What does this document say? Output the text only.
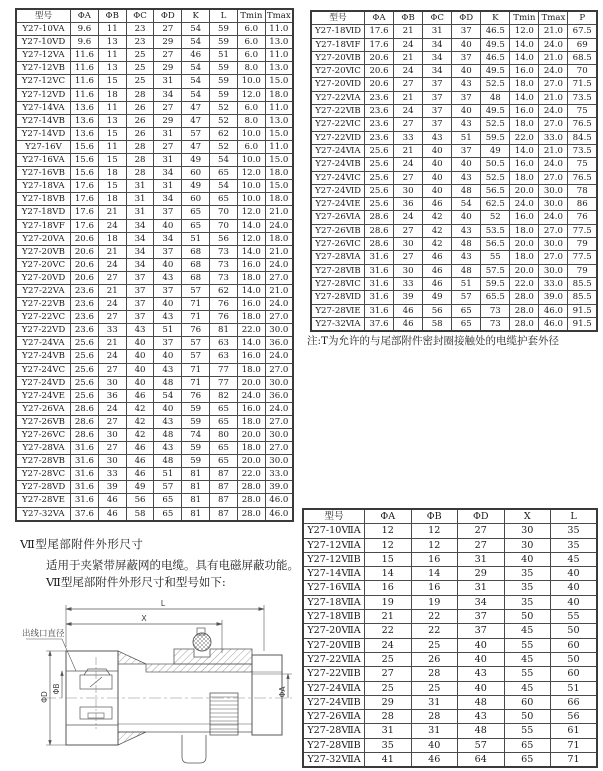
型号	ΦA	ΦB	ΦC	ΦD	K	L	Tmin	Tmax
Y27-10VA	9.6	11	23	27	54	59	6.0	11.0
Y27-10VD	9.6	13	23	29	54	59	6.0	13.0
Y27-12VA	11.6	11	25	27	46	51	6.0	11.0
Y27-12VB	11.6	13	25	29	54	59	8.0	13.0
Y27-12VC	11.6	15	25	31	54	59	10.0	15.0
Y27-12VD	11.6	18	28	34	54	59	12.0	18.0
Y27-14VA	13.6	11	26	27	47	52	6.0	11.0
Y27-14VB	13.6	13	26	29	47	52	8.0	13.0
Y27-14VD	13.6	15	26	31	57	62	10.0	15.0
Y27-16V	15.6	11	28	27	47	52	6.0	11.0
Y27-16VA	15.6	15	28	31	49	54	10.0	15.0
Y27-16VB	15.6	18	28	34	60	65	12.0	18.0
Y27-18VA	17.6	15	31	31	49	54	10.0	15.0
Y27-18VB	17.6	18	31	34	60	65	10.0	18.0
Y27-18VD	17.6	21	31	37	65	70	12.0	21.0
Y27-18VF	17.6	24	34	40	65	70	14.0	24.0
Y27-20VA	20.6	18	34	34	51	56	12.0	18.0
Y27-20VB	20.6	21	34	37	68	73	14.0	21.0
Y27-20VC	20.6	24	34	40	68	73	16.0	24.0
Y27-20VD	20.6	27	37	43	68	73	18.0	27.0
Y27-22VA	23.6	21	37	37	57	62	14.0	21.0
Y27-22VB	23.6	24	37	40	71	76	16.0	24.0
Y27-22VC	23.6	27	37	43	71	76	18.0	27.0
Y27-22VD	23.6	33	43	51	76	81	22.0	30.0
Y27-24VA	25.6	21	40	37	57	63	14.0	36.0
Y27-24VB	25.6	24	40	40	57	63	16.0	24.0
Y27-24VC	25.6	27	40	43	71	77	18.0	27.0
Y27-24VD	25.6	30	40	48	71	77	20.0	30.0
Y27-24VE	25.6	36	46	54	76	82	24.0	36.0
Y27-26VA	28.6	24	42	40	59	65	16.0	24.0
Y27-26VB	28.6	27	42	43	59	65	18.0	27.0
Y27-26VC	28.6	30	42	48	74	80	20.0	30.0
Y27-28VA	31.6	27	46	43	59	65	18.0	27.0
Y27-28VB	31.6	30	46	48	59	65	20.0	30.0
Y27-28VC	31.6	33	46	51	81	87	22.0	33.0
Y27-28VD	31.6	39	49	57	81	87	28.0	39.0
Y27-28VE	31.6	46	56	65	81	87	28.0	46.0
Y27-32VA	37.6	46	58	65	81	87	28.0	46.0
型号	ΦA	ΦB	ΦC	ΦD	K	Tmin	Tmax	P
Y27-18ⅥD	17.6	21	31	37	46.5	12.0	21.0	67.5
Y27-18ⅥF	17.6	24	34	40	49.5	14.0	24.0	69
Y27-20ⅥB	20.6	21	34	37	46.5	14.0	21.0	68.5
Y27-20ⅥC	20.6	24	34	40	49.5	16.0	24.0	70
Y27-20ⅥD	20.6	27	37	43	52.5	18.0	27.0	71.5
Y27-22ⅥA	23.6	21	37	37	48	14.0	21.0	73.5
Y27-22ⅥB	23.6	24	37	40	49.5	16.0	24.0	75
Y27-22ⅥC	23.6	27	37	43	52.5	18.0	27.0	76.5
Y27-22ⅥD	23.6	33	43	51	59.5	22.0	33.0	84.5
Y27-24ⅥA	25.6	21	40	37	49	14.0	21.0	73.5
Y27-24ⅥB	25.6	24	40	40	50.5	16.0	24.0	75
Y27-24ⅥC	25.6	27	40	43	52.5	18.0	27.0	76.5
Y27-24ⅥD	25.6	30	40	48	56.5	20.0	30.0	78
Y27-24ⅥE	25.6	36	46	54	62.5	24.0	30.0	86
Y27-26ⅥA	28.6	24	42	40	52	16.0	24.0	76
Y27-26ⅥB	28.6	27	42	43	53.5	18.0	27.0	77.5
Y27-26ⅥC	28.6	30	42	48	56.5	20.0	30.0	79
Y27-28ⅥA	31.6	27	46	43	55	18.0	27.0	77.5
Y27-28ⅥB	31.6	30	46	48	57.5	20.0	30.0	79
Y27-28ⅥC	31.6	33	46	51	59.5	22.0	33.0	85.5
Y27-28ⅥD	31.6	39	49	57	65.5	28.0	39.0	85.5
Y27-28ⅥE	31.6	46	56	65	73	28.0	46.0	91.5
Y27-32ⅥA	37.6	46	58	65	73	28.0	46.0	91.5
注:T为允许的与尾部附件密封圈接触处的电缆护套外径
Ⅶ型尾部附件外形尺寸
适用于夹紧带屏蔽网的电缆。具有电磁屏蔽功能。
Ⅶ型尾部附件外形尺寸和型号如下:
型号	ΦA	ΦB	ΦD	X	L
Y27-10ⅦA	12	12	27	30	35
Y27-12ⅦA	12	12	27	30	35
Y27-12ⅦB	15	16	31	40	45
Y27-14ⅦA	14	14	29	35	40
Y27-16ⅦA	16	16	31	35	40
Y27-18ⅦA	19	19	34	35	40
Y27-18ⅦB	21	22	37	50	55
Y27-20ⅦA	22	22	37	45	50
Y27-20ⅦB	24	25	40	55	60
Y27-22ⅦA	25	26	40	45	50
Y27-22ⅦB	27	28	43	55	60
Y27-24ⅦA	25	25	40	45	51
Y27-24ⅦB	29	31	48	60	66
Y27-26ⅦA	28	28	43	50	56
Y27-28ⅦA	31	31	48	55	61
Y27-28ⅦB	35	40	57	65	71
Y27-32ⅦA	41	46	64	65	71
L
X
出线口直径
ΦD
ΦB	ΦA
